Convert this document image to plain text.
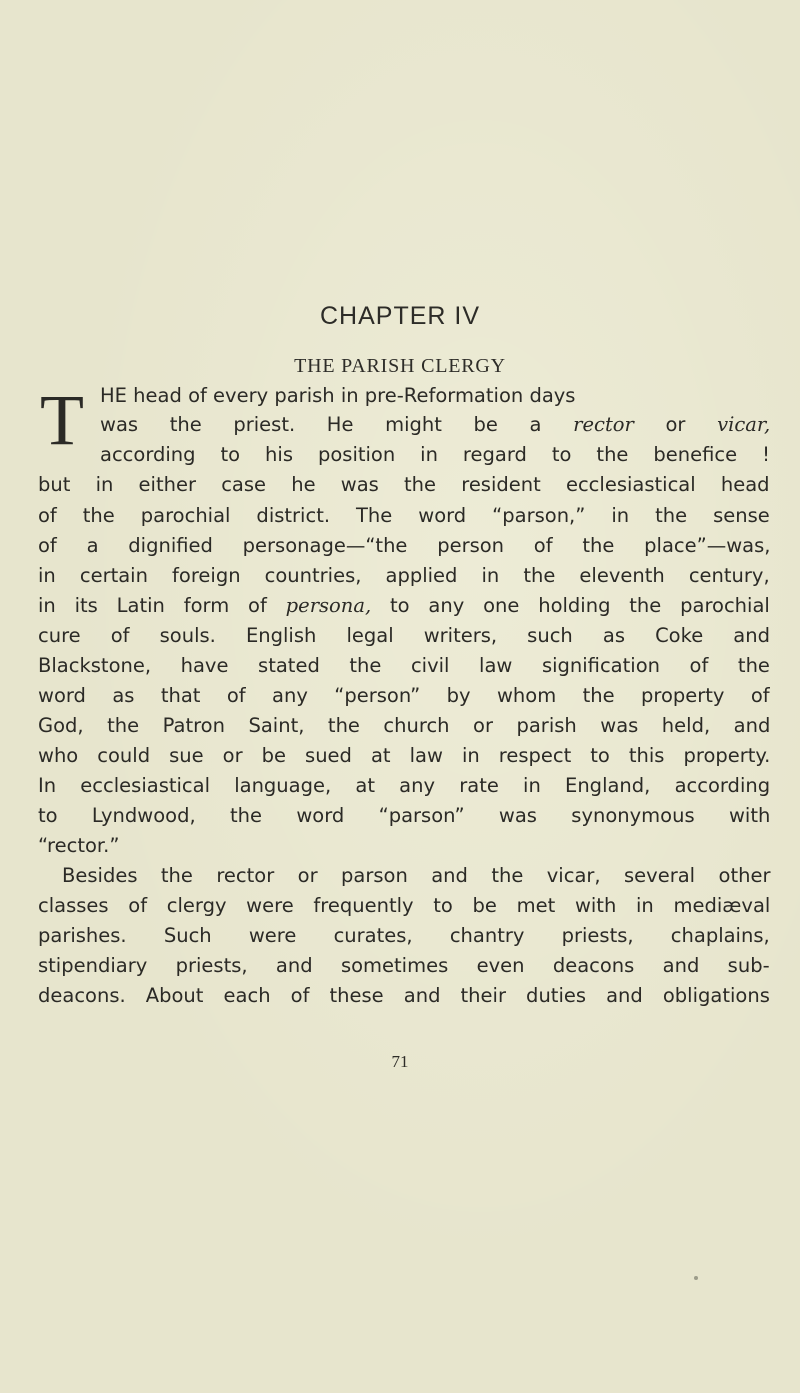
CHAPTER IV
THE PARISH CLERGY
T HE head of every parish in pre-Reformation days
was the priest. He might be a rector or vicar,
according to his position in regard to the benefice !
but in either case he was the resident ecclesiastical head
of the parochial district. The word “parson,” in the sense
of a dignified personage—“the person of the place”—was,
in certain foreign countries, applied in the eleventh century,
in its Latin form of persona, to any one holding the parochial
cure of souls. English legal writers, such as Coke and
Blackstone, have stated the civil law signification of the
word as that of any “person” by whom the property of
God, the Patron Saint, the church or parish was held, and
who could sue or be sued at law in respect to this property.
In ecclesiastical language, at any rate in England, according
to Lyndwood, the word “parson” was synonymous with
“rector.”
Besides the rector or parson and the vicar, several other
classes of clergy were frequently to be met with in mediæval
parishes. Such were curates, chantry priests, chaplains,
stipendiary priests, and sometimes even deacons and sub-
deacons. About each of these and their duties and obligations
71
